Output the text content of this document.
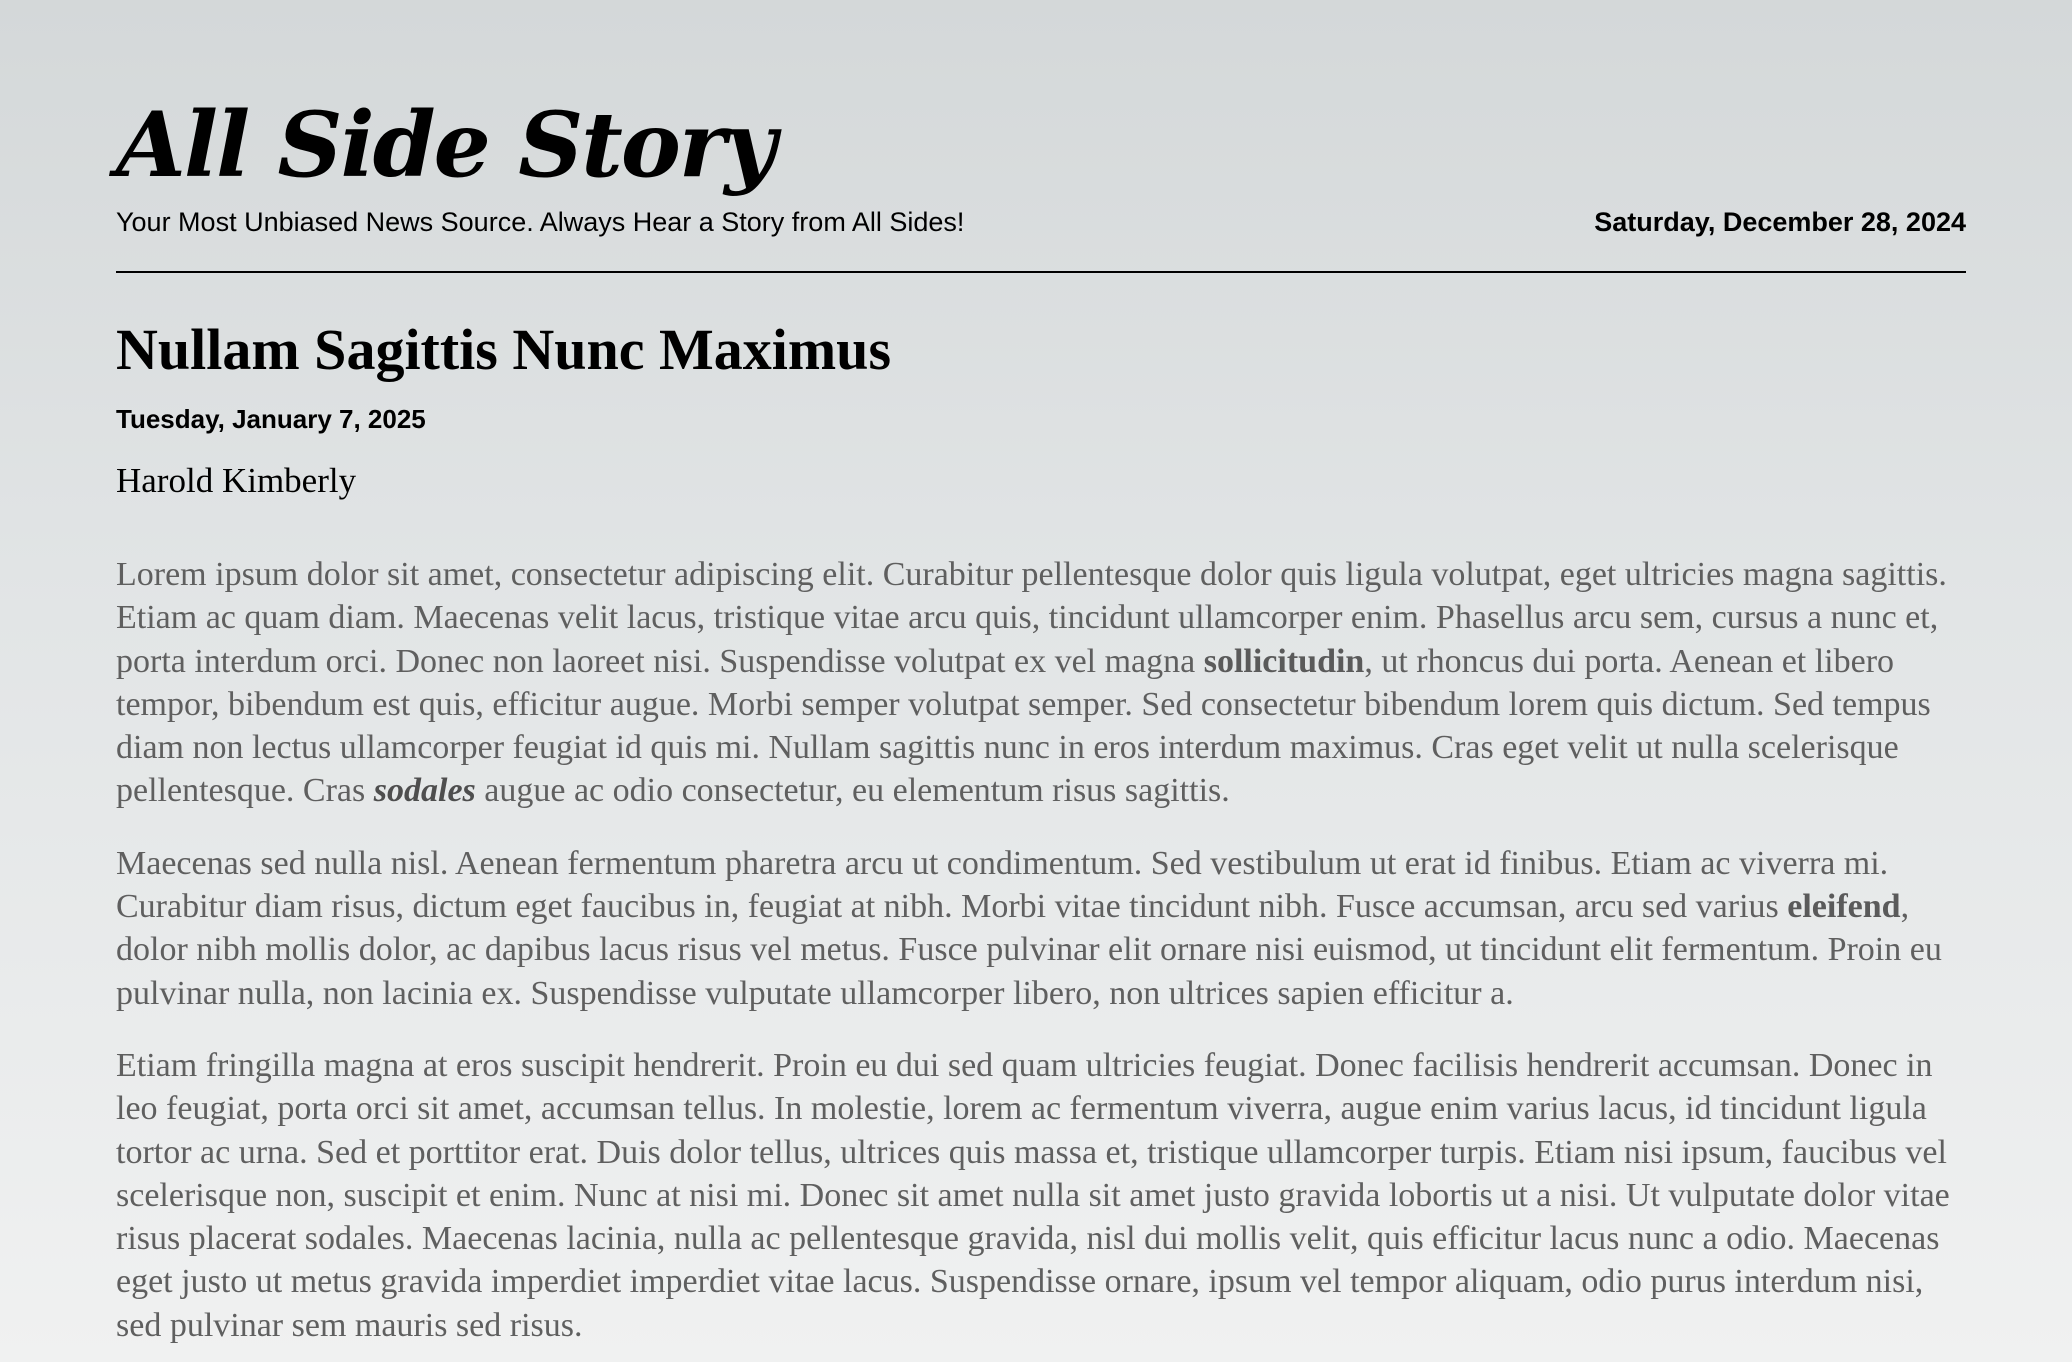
All Side Story
Your Most Unbiased News Source. Always Hear a Story from All Sides!	Saturday, December 28, 2024
Nullam Sagittis Nunc Maximus
Tuesday, January 7, 2025
Harold Kimberly

Lorem ipsum dolor sit amet, consectetur adipiscing elit. Curabitur pellentesque dolor quis ligula volutpat, eget ultricies magna sagittis. Etiam ac quam diam. Maecenas velit lacus, tristique vitae arcu quis, tincidunt ullamcorper enim. Phasellus arcu sem, cursus a nunc et, porta interdum orci. Donec non laoreet nisi. Suspendisse volutpat ex vel magna sollicitudin, ut rhoncus dui porta. Aenean et libero tempor, bibendum est quis, efficitur augue. Morbi semper volutpat semper. Sed consectetur bibendum lorem quis dictum. Sed tempus diam non lectus ullamcorper feugiat id quis mi. Nullam sagittis nunc in eros interdum maximus. Cras eget velit ut nulla scelerisque pellentesque. Cras sodales augue ac odio consectetur, eu elementum risus sagittis.

Maecenas sed nulla nisl. Aenean fermentum pharetra arcu ut condimentum. Sed vestibulum ut erat id finibus. Etiam ac viverra mi. Curabitur diam risus, dictum eget faucibus in, feugiat at nibh. Morbi vitae tincidunt nibh. Fusce accumsan, arcu sed varius eleifend, dolor nibh mollis dolor, ac dapibus lacus risus vel metus. Fusce pulvinar elit ornare nisi euismod, ut tincidunt elit fermentum. Proin eu pulvinar nulla, non lacinia ex. Suspendisse vulputate ullamcorper libero, non ultrices sapien efficitur a.

Etiam fringilla magna at eros suscipit hendrerit. Proin eu dui sed quam ultricies feugiat. Donec facilisis hendrerit accumsan. Donec in leo feugiat, porta orci sit amet, accumsan tellus. In molestie, lorem ac fermentum viverra, augue enim varius lacus, id tincidunt ligula tortor ac urna. Sed et porttitor erat. Duis dolor tellus, ultrices quis massa et, tristique ullamcorper turpis. Etiam nisi ipsum, faucibus vel scelerisque non, suscipit et enim. Nunc at nisi mi. Donec sit amet nulla sit amet justo gravida lobortis ut a nisi. Ut vulputate dolor vitae risus placerat sodales. Maecenas lacinia, nulla ac pellentesque gravida, nisl dui mollis velit, quis efficitur lacus nunc a odio. Maecenas eget justo ut metus gravida imperdiet imperdiet vitae lacus. Suspendisse ornare, ipsum vel tempor aliquam, odio purus interdum nisi, sed pulvinar sem mauris sed risus.
